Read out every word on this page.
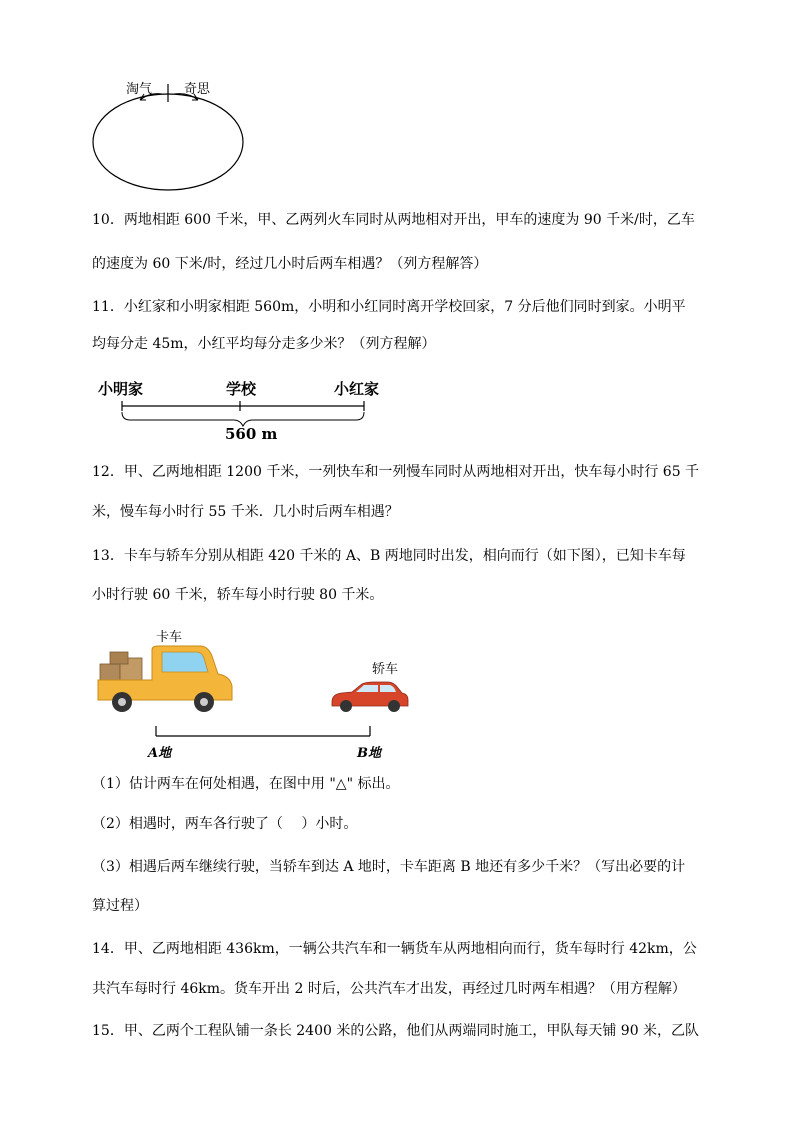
淘气 奇思
10．两地相距 600 千米，甲、乙两列火车同时从两地相对开出，甲车的速度为 90 千米/时，乙车
的速度为 60 下米/时，经过几小时后两车相遇？（列方程解答）
11．小红家和小明家相距 560m，小明和小红同时离开学校回家，7 分后他们同时到家。小明平
均每分走 45m，小红平均每分走多少米？（列方程解）
小明家	学校	小红家
560 m
12．甲、乙两地相距 1200 千米，一列快车和一列慢车同时从两地相对开出，快车每小时行 65 千
米，慢车每小时行 55 千米．几小时后两车相遇？
13．卡车与轿车分别从相距 420 千米的 A、B 两地同时出发，相向而行（如下图），已知卡车每
小时行驶 60 千米，轿车每小时行驶 80 千米。
卡车
轿车
A地	B地
（1）估计两车在何处相遇，在图中用 "△" 标出。
（2）相遇时，两车各行驶了（　 ）小时。
（3）相遇后两车继续行驶，当轿车到达 A 地时，卡车距离 B 地还有多少千米？（写出必要的计
算过程）
14．甲、乙两地相距 436km，一辆公共汽车和一辆货车从两地相向而行，货车每时行 42km，公
共汽车每时行 46km。货车开出 2 时后，公共汽车才出发，再经过几时两车相遇？（用方程解）
15．甲、乙两个工程队铺一条长 2400 米的公路，他们从两端同时施工，甲队每天铺 90 米，乙队
